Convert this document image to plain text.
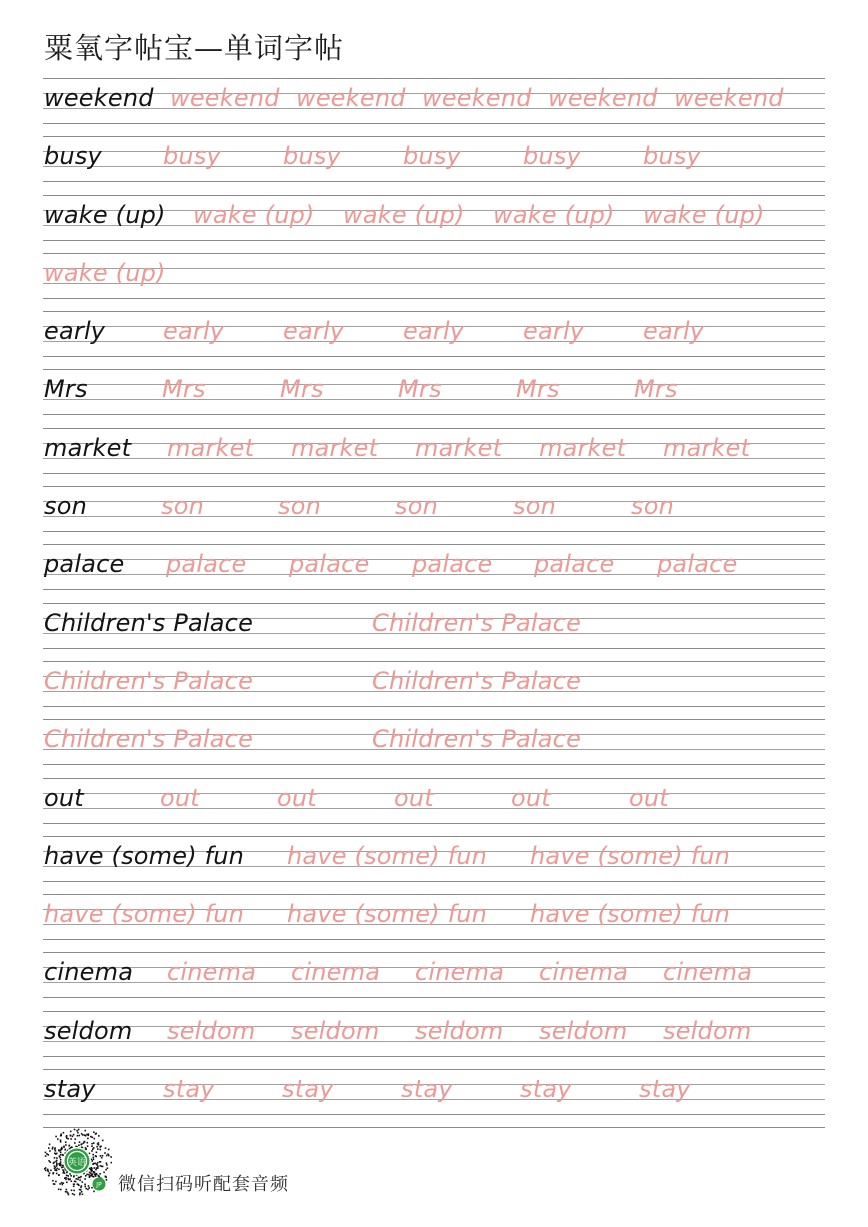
粟氧字帖宝—单词字帖
weekend weekend weekend weekend weekend weekend
busy	busy	busy	busy	busy	busy
wake (up) wake (up) wake (up) wake (up) wake (up)
wake (up)
early early early early early early
Mrs	Mrs	Mrs	Mrs	Mrs	Mrs
market market market market market market
son	son	son	son	son	son
palace palace palace palace palace palace
Children's Palace	Children's Palace
Children's Palace	Children's Palace
Children's Palace	Children's Palace
out	out	out	out	out	out
have (some) fun have (some) fun have (some) fun
have (some) fun have (some) fun have (some) fun
cinema cinema cinema cinema cinema cinema
seldom seldom seldom seldom seldom seldom
stay	stay	stay	stay	stay	stay
英语
JP 微信扫码听配套音频
